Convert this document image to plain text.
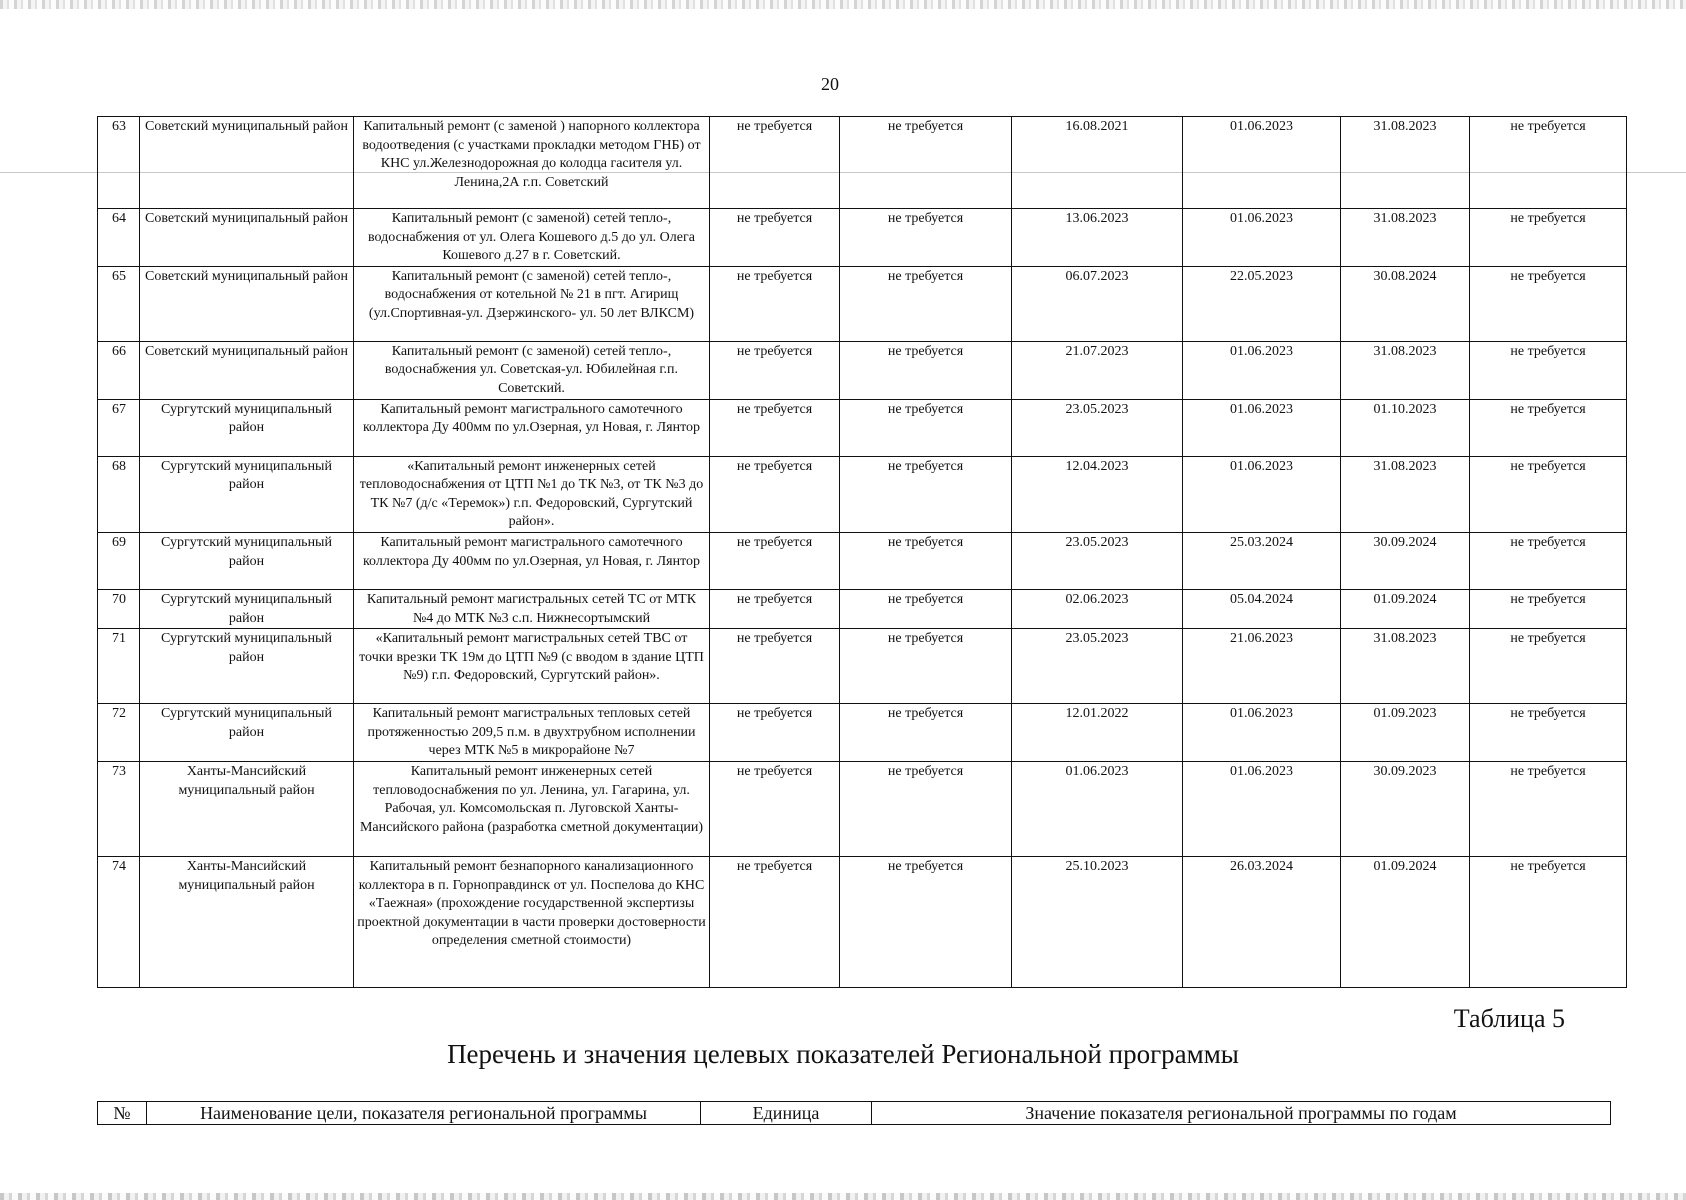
20
63	Советский муниципальный район	Капитальный ремонт (с заменой ) напорного коллектора водоотведения (с участками прокладки методом ГНБ) от КНС ул.Железнодорожная до колодца гасителя ул. Ленина,2А г.п. Советский	не требуется	не требуется	16.08.2021	01.06.2023	31.08.2023	не требуется
64	Советский муниципальный район	Капитальный ремонт (с заменой) сетей тепло-, водоснабжения от ул. Олега Кошевого д.5 до ул. Олега Кошевого д.27 в г. Советский.	не требуется	не требуется	13.06.2023	01.06.2023	31.08.2023	не требуется
65	Советский муниципальный район	Капитальный ремонт (с заменой) сетей тепло-, водоснабжения от котельной № 21 в пгт. Агирищ (ул.Спортивная-ул. Дзержинского- ул. 50 лет ВЛКСМ)	не требуется	не требуется	06.07.2023	22.05.2023	30.08.2024	не требуется
66	Советский муниципальный район	Капитальный ремонт (с заменой) сетей тепло-, водоснабжения ул. Советская-ул. Юбилейная г.п. Советский.	не требуется	не требуется	21.07.2023	01.06.2023	31.08.2023	не требуется
67	Сургутский муниципальный район	Капитальный ремонт магистрального самотечного коллектора Ду 400мм по ул.Озерная, ул Новая, г. Лянтор	не требуется	не требуется	23.05.2023	01.06.2023	01.10.2023	не требуется
68	Сургутский муниципальный район	«Капитальный ремонт инженерных сетей тепловодоснабжения от ЦТП №1 до ТК №3, от ТК №3 до ТК №7 (д/с «Теремок») г.п. Федоровский, Сургутский район».	не требуется	не требуется	12.04.2023	01.06.2023	31.08.2023	не требуется
69	Сургутский муниципальный район	Капитальный ремонт магистрального самотечного коллектора Ду 400мм по ул.Озерная, ул Новая, г. Лянтор	не требуется	не требуется	23.05.2023	25.03.2024	30.09.2024	не требуется
70	Сургутский муниципальный район	Капитальный ремонт магистральных сетей ТС от МТК №4 до МТК №3 с.п. Нижнесортымский	не требуется	не требуется	02.06.2023	05.04.2024	01.09.2024	не требуется
71	Сургутский муниципальный район	«Капитальный ремонт магистральных сетей ТВС от точки врезки ТК 19м до ЦТП №9 (с вводом в здание ЦТП №9) г.п. Федоровский, Сургутский район».	не требуется	не требуется	23.05.2023	21.06.2023	31.08.2023	не требуется
72	Сургутский муниципальный район	Капитальный ремонт магистральных тепловых сетей протяженностью 209,5 п.м. в двухтрубном исполнении через МТК №5 в микрорайоне №7	не требуется	не требуется	12.01.2022	01.06.2023	01.09.2023	не требуется
73	Ханты-Мансийский муниципальный район	Капитальный ремонт инженерных сетей тепловодоснабжения по ул. Ленина, ул. Гагарина, ул. Рабочая, ул. Комсомольская п. Луговской Ханты-Мансийского района (разработка сметной документации)	не требуется	не требуется	01.06.2023	01.06.2023	30.09.2023	не требуется
74	Ханты-Мансийский муниципальный район	Капитальный ремонт безнапорного канализационного коллектора в п. Горноправдинск от ул. Поспелова до КНС «Таежная» (прохождение государственной экспертизы проектной документации в части проверки достоверности определения сметной стоимости)	не требуется	не требуется	25.10.2023	26.03.2024	01.09.2024	не требуется
Таблица 5
Перечень и значения целевых показателей Региональной программы
№	Наименование цели, показателя региональной программы	Единица	Значение показателя региональной программы по годам
